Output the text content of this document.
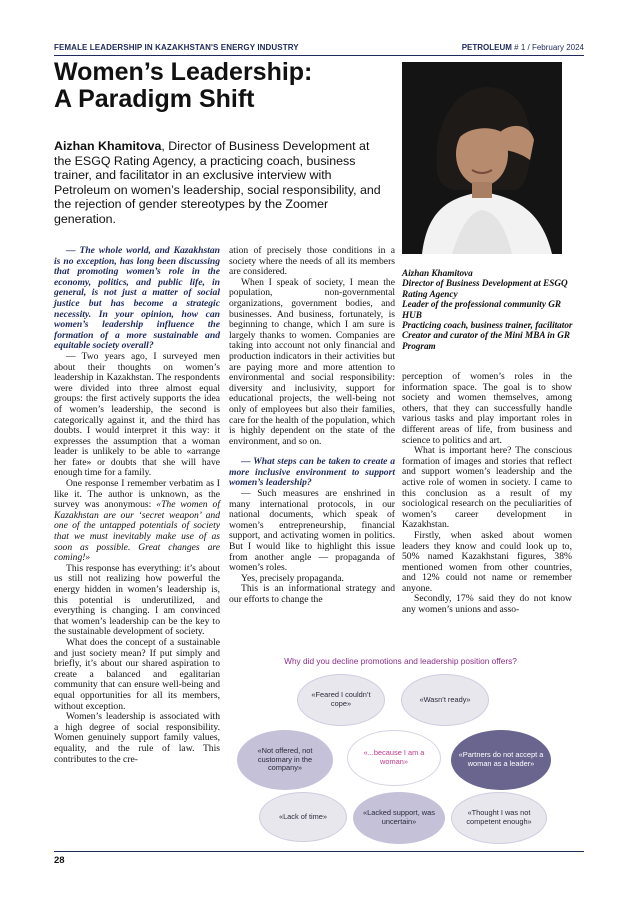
FEMALE LEADERSHIP IN KAZAKHSTAN'S ENERGY INDUSTRY	PETROLEUM # 1 / February 2024
Women’s Leadership:
A Paradigm Shift
Aizhan Khamitova, Director of Business Development at the ESGQ Rating Agency, a practicing coach, business trainer, and facilitator in an exclusive interview with Petroleum on women’s leadership, social responsibility, and the rejection of gender stereotypes by the Zoomer generation.
Aizhan Khamitova
Director of Business Development at ESGQ Rating Agency
Leader of the professional community GR HUB
Practicing coach, business trainer, facilitator
Creator and curator of the Mini MBA in GR Program

— The whole world, and Kazakhstan is no exception, has long been discussing that promoting women’s role in the economy, politics, and public life, in general, is not just a matter of social justice but has become a strategic necessity. In your opinion, how can women’s leadership influence the formation of a more sustainable and equitable society overall?

— Two years ago, I surveyed men about their thoughts on women’s leadership in Kazakhstan. The respondents were divided into three almost equal groups: the first actively supports the idea of women’s leadership, the second is categorically against it, and the third has doubts. I would interpret it this way: it expresses the assumption that a woman leader is unlikely to be able to «arrange her fate» or doubts that she will have enough time for a family.

One response I remember verbatim as I like it. The author is unknown, as the survey was anonymous: «The women of Kazakhstan are our ‘secret weapon’ and one of the untapped potentials of society that we must inevitably make use of as soon as possible. Great changes are coming!»

This response has everything: it’s about us still not realizing how powerful the energy hidden in women’s leadership is, this potential is underutilized, and everything is changing. I am convinced that women’s leadership can be the key to the sustainable development of society.

What does the concept of a sustainable and just society mean? If put simply and briefly, it’s about our shared aspiration to create a balanced and egalitarian community that can ensure well-being and equal opportunities for all its members, without exception.

Women’s leadership is associated with a high degree of social responsibility. Women genuinely support family values, equality, and the rule of law. This contributes to the cre-

ation of precisely those conditions in a society where the needs of all its members are considered.

When I speak of society, I mean the population, non-governmental organizations, government bodies, and businesses. And business, fortunately, is beginning to change, which I am sure is largely thanks to women. Companies are taking into account not only financial and production indicators in their activities but are paying more and more attention to environmental and social responsibility: diversity and inclusivity, support for educational projects, the well-being not only of employees but also their families, care for the health of the population, which is highly dependent on the state of the environment, and so on.

— What steps can be taken to create a more inclusive environment to support women’s leadership?

— Such measures are enshrined in many international protocols, in our national documents, which speak of women’s entrepreneurship, financial support, and activating women in politics. But I would like to highlight this issue from another angle — propaganda of women’s roles.

Yes, precisely propaganda.

This is an informational strategy and our efforts to change the

perception of women’s roles in the information space. The goal is to show society and women themselves, among others, that they can successfully handle various tasks and play important roles in different areas of life, from business and science to politics and art.

What is important here? The conscious formation of images and stories that reflect and support women’s leadership and the active role of women in society. I came to this conclusion as a result of my sociological research on the peculiarities of women’s career development in Kazakhstan.

Firstly, when asked about women leaders they know and could look up to, 50% named Kazakhstani figures, 38% mentioned women from other countries, and 12% could not name or remember anyone.

Secondly, 17% said they do not know any women’s unions and asso-

Why did you decline promotions and leadership position offers?
«Feared I couldn’t cope»	«Wasn’t ready»
«Not offered, not customary in the company»
«...because I am a woman»
«Partners do not accept a woman as a leader»
«Lack of time»	«Lacked support, was uncertain»
«Thought I was not competent enough»
28
